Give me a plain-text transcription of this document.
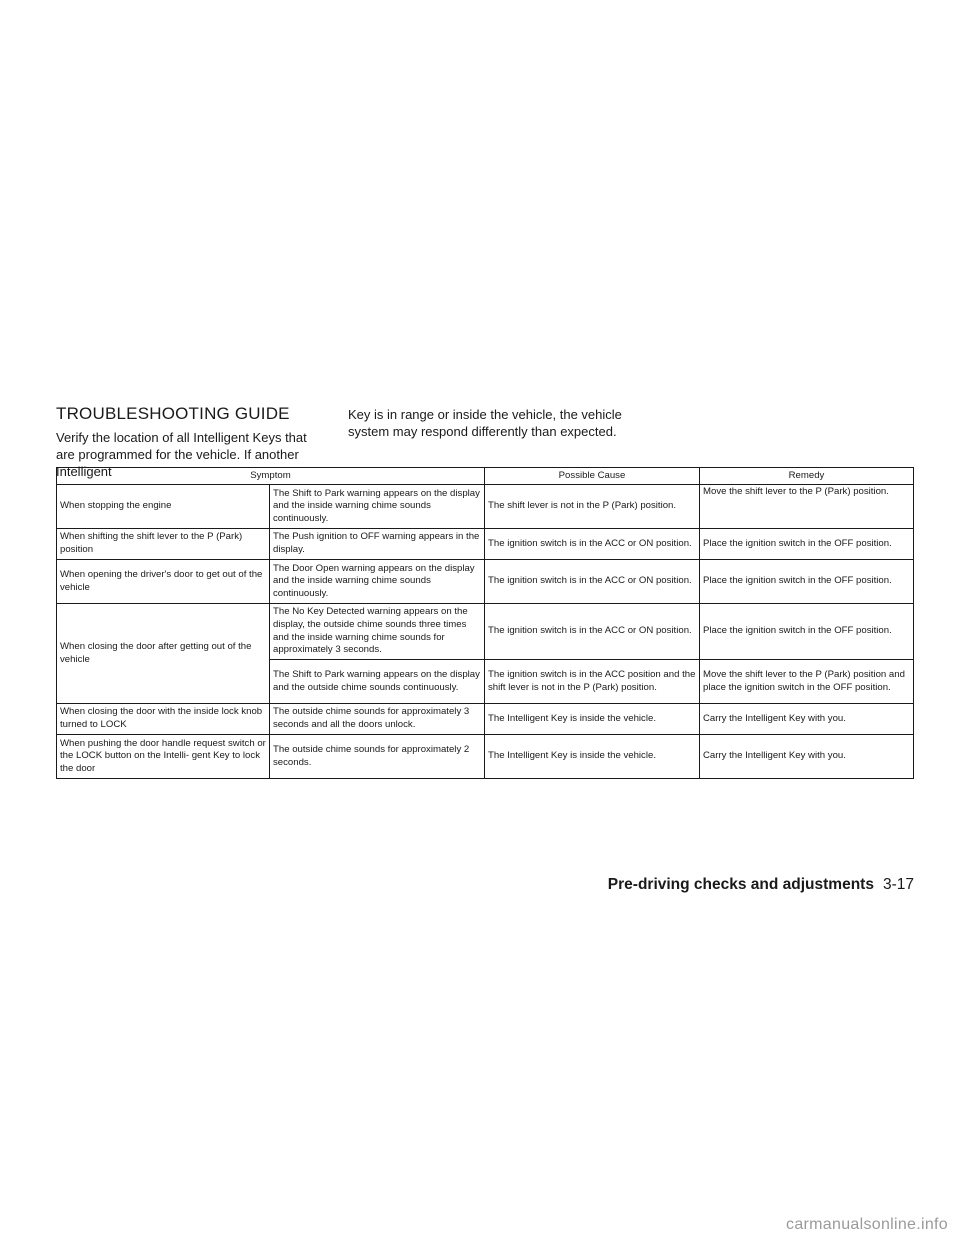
TROUBLESHOOTING GUIDE

Verify the location of all Intelligent Keys that are programmed for the vehicle. If another Intelligent

Key is in range or inside the vehicle, the vehicle system may respond differently than expected.

Symptom		Possible Cause	Remedy
When stopping the engine	The Shift to Park warning appears on the display and the inside warning chime sounds continuously.	The shift lever is not in the P (Park) position.	Move the shift lever to the P (Park) position.
When shifting the shift lever to the P (Park) position	The Push ignition to OFF warning appears in the display.	The ignition switch is in the ACC or ON position.	Place the ignition switch in the OFF position.
When opening the driver's door to get out of the vehicle	The Door Open warning appears on the display and the inside warning chime sounds continuously.	The ignition switch is in the ACC or ON position.	Place the ignition switch in the OFF position.
When closing the door after getting out of the vehicle	The No Key Detected warning appears on the display, the outside chime sounds three times and the inside warning chime sounds for approximately 3 seconds.	The ignition switch is in the ACC or ON position.	Place the ignition switch in the OFF position.
	The Shift to Park warning appears on the display and the outside chime sounds continuously.	The ignition switch is in the ACC position and the shift lever is not in the P (Park) position.	Move the shift lever to the P (Park) position and place the ignition switch in the OFF position.
When closing the door with the inside lock knob turned to LOCK	The outside chime sounds for approximately 3 seconds and all the doors unlock.	The Intelligent Key is inside the vehicle.	Carry the Intelligent Key with you.
When pushing the door handle request switch or the LOCK button on the Intelli- gent Key to lock the door	The outside chime sounds for approximately 2 seconds.	The Intelligent Key is inside the vehicle.	Carry the Intelligent Key with you.
Pre-driving checks and adjustments 3-17
carmanualsonline.info
